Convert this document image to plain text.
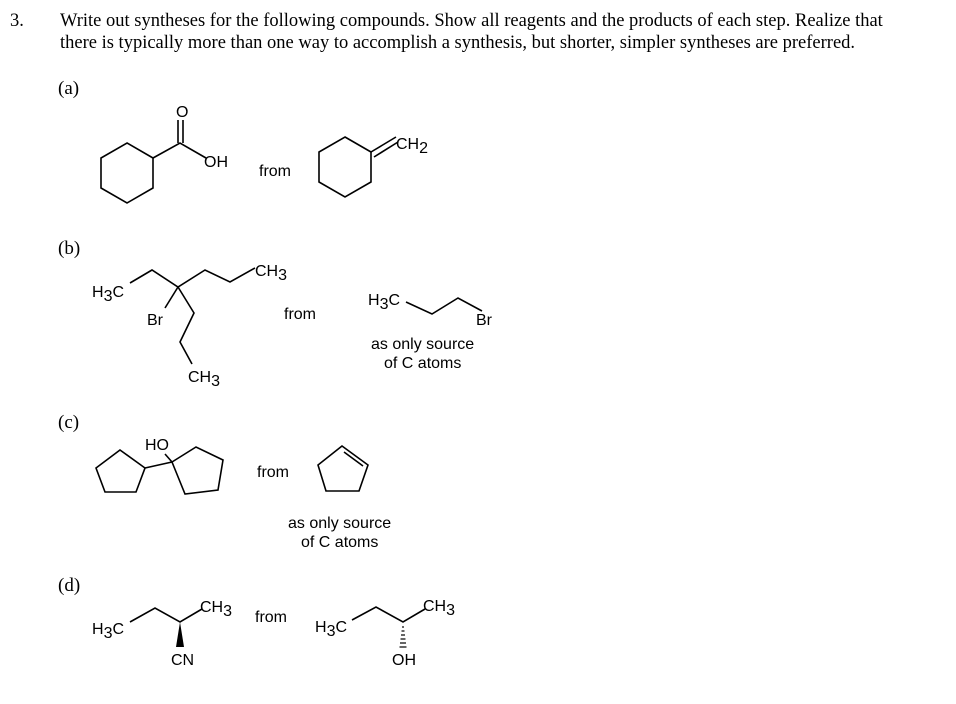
3. Write out syntheses for the following compounds. Show all reagents and the products of each step. Realize that
there is typically more than one way to accomplish a synthesis, but shorter, simpler syntheses are preferred.
(a)
(b)
(c)
(d)
O
OH
from
CH2
H3C
Br
CH3
CH3
from
H3C
Br
as only source
of C atoms
HO
from
as only source
of C atoms
H3C
CN
CH3 from
H3C
OH
CH3
